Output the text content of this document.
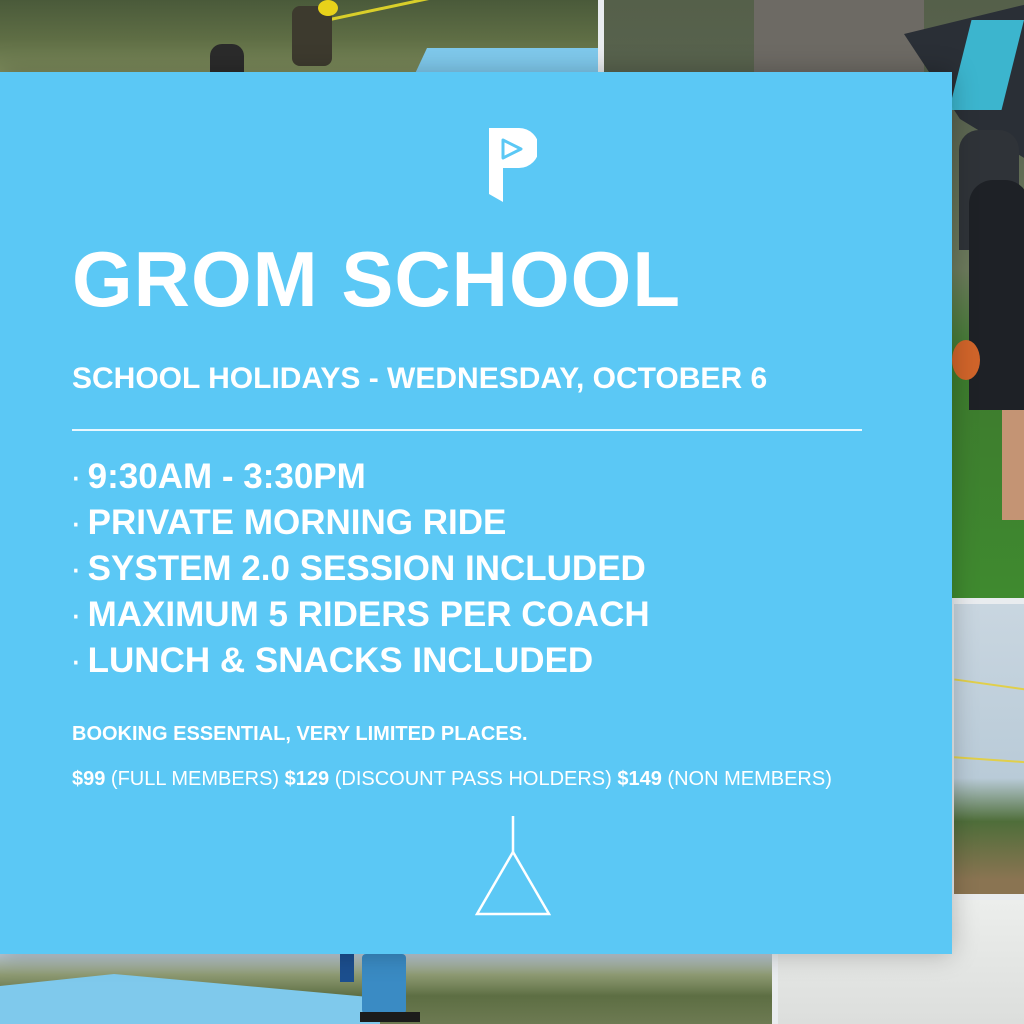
GROM SCHOOL
SCHOOL HOLIDAYS - WEDNESDAY, OCTOBER 6
· 9:30AM - 3:30PM
· PRIVATE MORNING RIDE
· SYSTEM 2.0 SESSION INCLUDED
· MAXIMUM 5 RIDERS PER COACH
· LUNCH & SNACKS INCLUDED
BOOKING ESSENTIAL, VERY LIMITED PLACES.
$99 (FULL MEMBERS) $129 (DISCOUNT PASS HOLDERS) $149 (NON MEMBERS)
